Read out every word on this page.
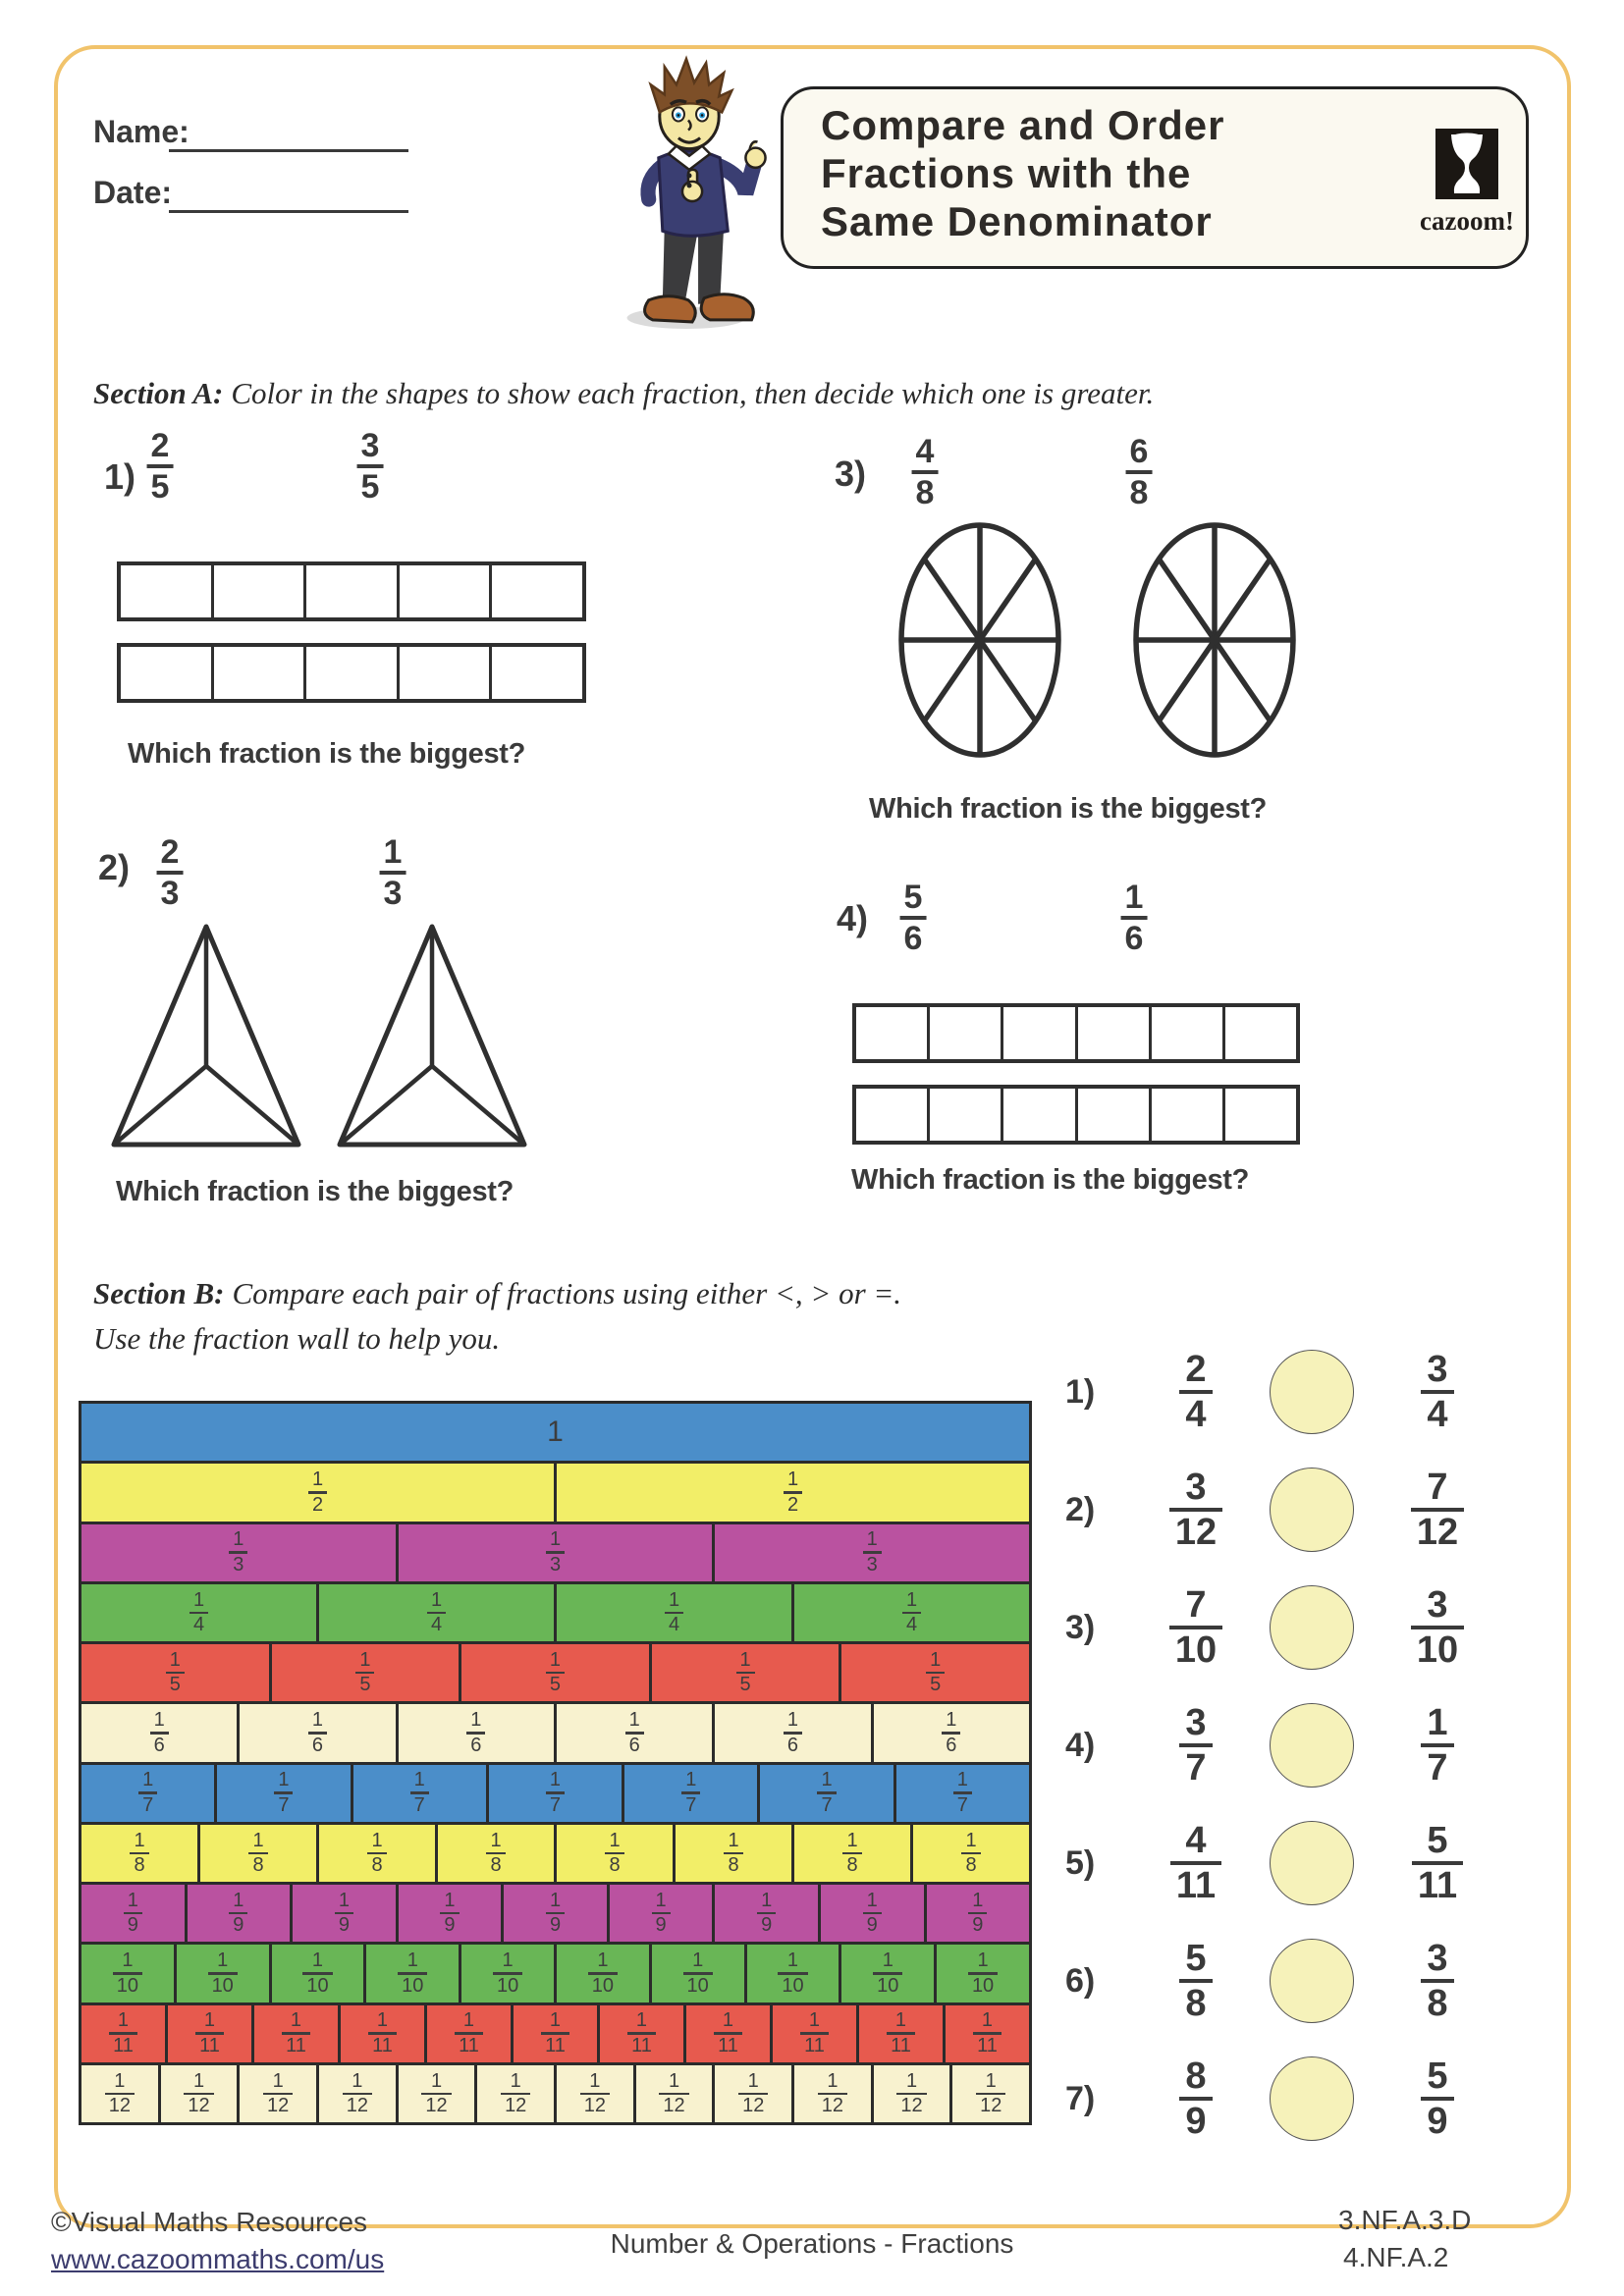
Name:
Date:
Compare and Order
Fractions with the
Same Denominator	cazoom!
Section A: Color in the shapes to show each fraction, then decide which one is greater.
1)
2
5
3
5
Which fraction is the biggest?
3)
4
8
6
8
Which fraction is the biggest?
2) 2
3
1
3
Which fraction is the biggest?
4)
5
6
1
6
Which fraction is the biggest?
Section B: Compare each pair of fractions using either <, > or =.
Use the fraction wall to help you.
1
1
2
1
2
1
3
1
3
1
3
1
4
1
4
1
4
1
4
1
5
1
5
1
5
1
5
1
5
1
6
1
6
1
6
1
6
1
6
1
6
1
7
1
7
1
7
1
7
1
7
1
7
1
7
1
8
1
8
1
8
1
8
1
8
1
8
1
8
1
8
1
9
1
9
1
9
1
9
1
9
1
9
1
9
1
9
1
9
1
10
1
10
1
10
1
10
1
10
1
10
1
10
1
10
1
10
1
10
1
11
1
11
1
11
1
11
1
11
1
11
1
11
1
11
1
11
1
11
1
11
1
12
1
12
1
12
1
12
1
12
1
12
1
12
1
12
1
12
1
12
1
12
1
12
1)
2
4
3
4
2)
3
12
7
12
3)
7
10
3
10
4)
3
7
1
7
5)
4
11
5
11
6)
5
8
3
8
7)
8
9
5
9
©Visual Maths Resources
www.cazoommaths.com/us
Number & Operations - Fractions
3.NF.A.3.D
4.NF.A.2
